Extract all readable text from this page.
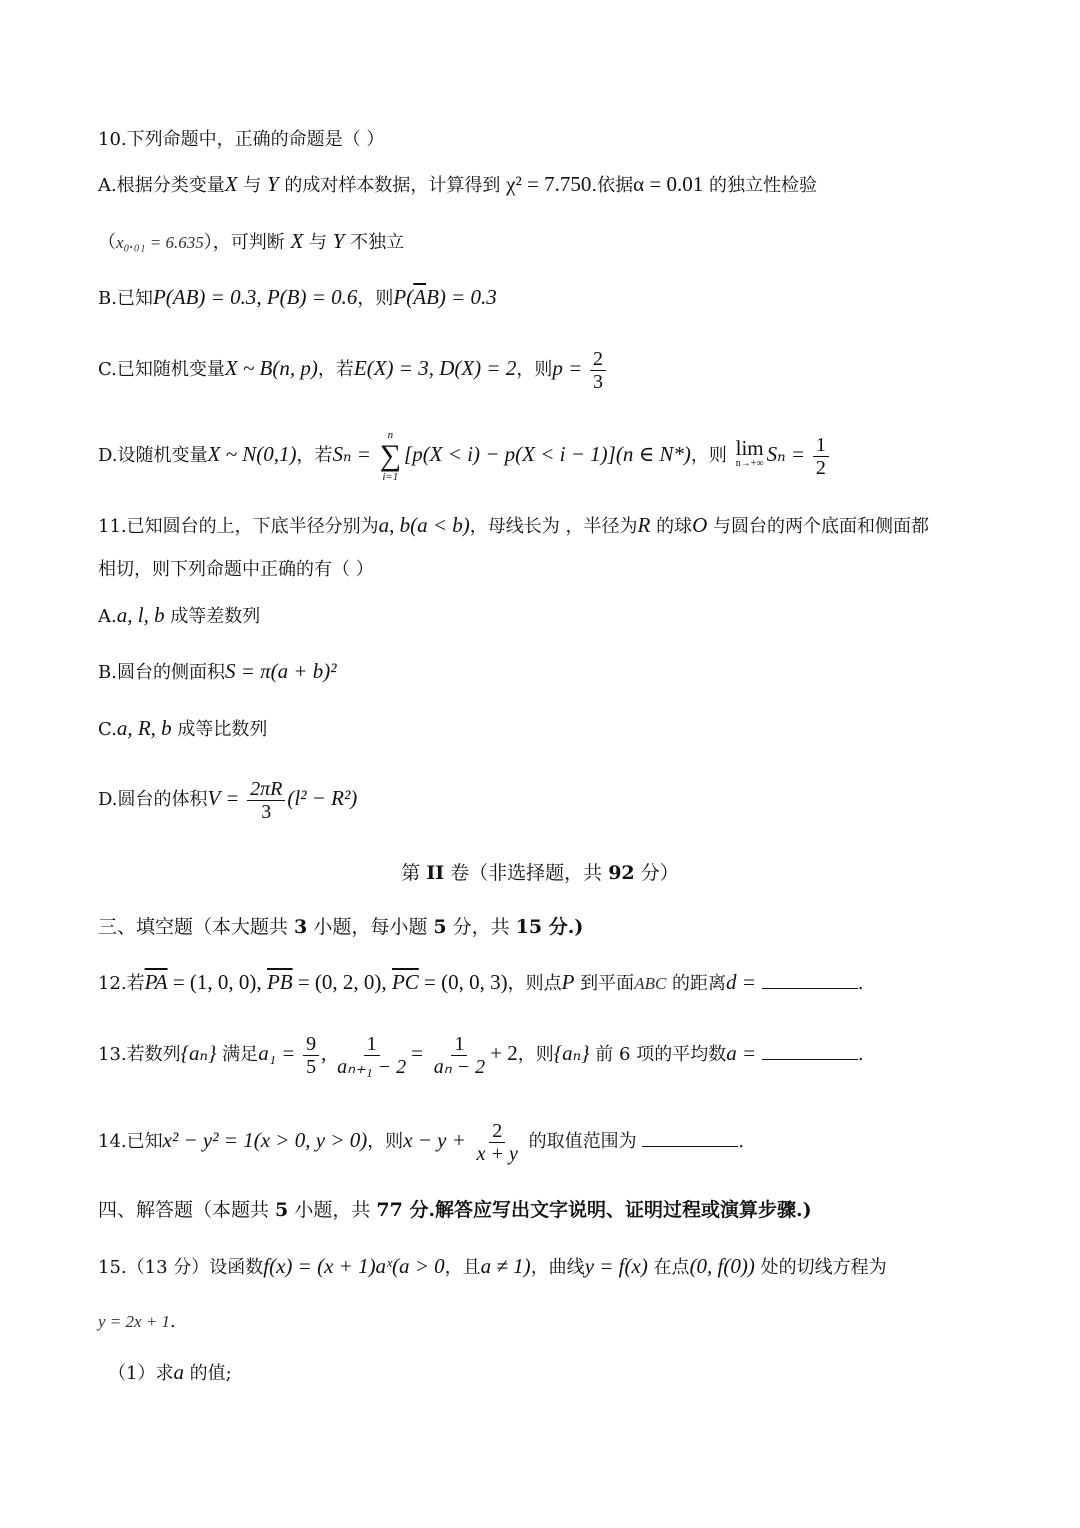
10.下列命题中，正确的命题是（ ）
A.根据分类变量X 与 Y 的成对样本数据，计算得到 χ² = 7.750.依据α = 0.01 的独立性检验
（x₀.₀₁ = 6.635），可判断 X 与 Y 不独立
B.已知P(AB) = 0.3, P(B) = 0.6，则$P(\overline{A}B) = 0.3$
C.已知随机变量X ~ B(n, p)，若E(X) = 3, D(X) = 2，则$p = \frac{2}{3}$
D.设随机变量X ~ N(0,1)，若Sₙ =
n
∑
i=1
[p(X < i) − p(X < i − 1)](n ∈ N*)，则 lim
n→+∞ $S_n = \frac{1}{2}$
11.已知圆台的上，下底半径分别为a, b(a < b)，母线长为 ，半径为R 的球O 与圆台的两个底面和侧面都
相切，则下列命题中正确的有（ ）
A.a, l, b 成等差数列
B.圆台的侧面积S = π(a + b)²
C.a, R, b 成等比数列
D.圆台的体积$V = \frac{2\pi R}{3} (l^2 - R^2)$
第 II 卷（非选择题，共 92 分）
三、填空题（本大题共 3 小题，每小题 5 分，共 15 分.)
12.若$\overline{PA} = (1$, 0, 0), $\overline{PB} = (0$, 2, 0), $\overline{PC} = (0$, 0, 3)，则点P 到平面ABC 的距离d =	.
13.若数列{aₙ} 满足$a_1 = \frac{9}{5}$ , $\frac{1}{\text{aₙ₊₁ − 2}} = \frac{1}{\text{aₙ − 2}} + 2$，则{aₙ} 前 6 项的平均数a =	.
14.已知x² − y² = 1(x > 0, y > 0)，则$x - y + \frac{2}{x + y}$ 的取值范围为	.
四、解答题（本题共 5 小题，共 77 分.解答应写出文字说明、证明过程或演算步骤.)
15.（13 分）设函数f(x) = (x + 1)aˣ(a > 0，且a ≠ 1)，曲线y = f(x) 在点(0, f(0)) 处的切线方程为
y = 2x + 1.
（1）求a 的值;
